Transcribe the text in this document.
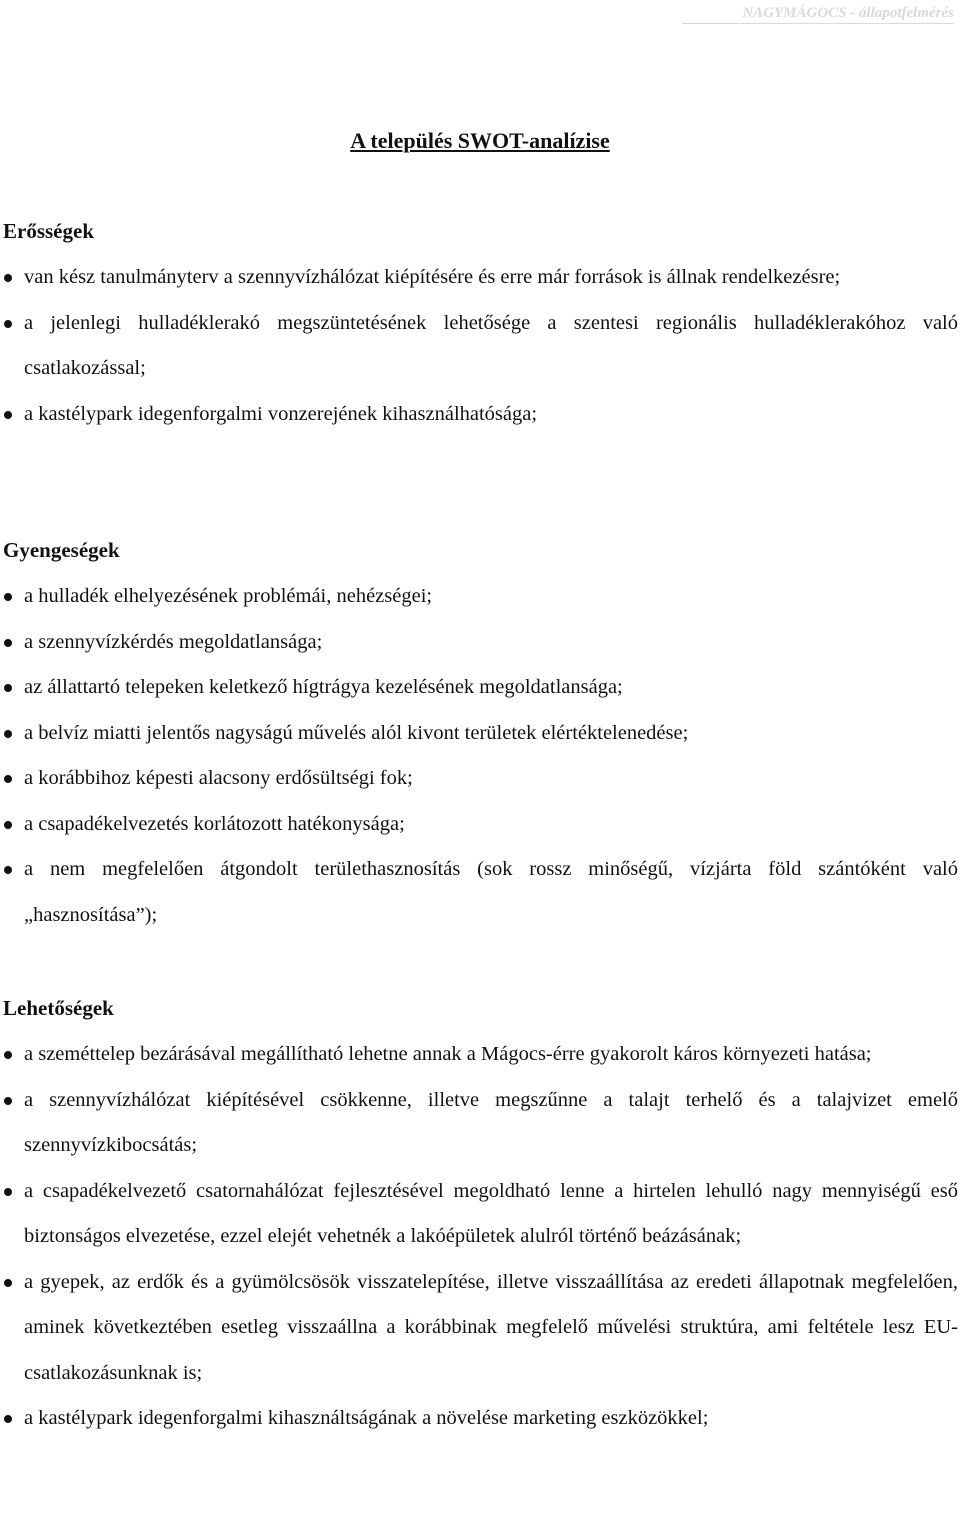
NAGYMÁGOCS - állapotfelmérés
A település SWOT-analízise
Erősségek
van kész tanulmányterv a szennyvízhálózat kiépítésére és erre már források is állnak rendelkezésre;
a jelenlegi hulladéklerakó megszüntetésének lehetősége a szentesi regionális hulladéklerakóhoz való csatlakozással;
a kastélypark idegenforgalmi vonzerejének kihasználhatósága;
Gyengeségek
a hulladék elhelyezésének problémái, nehézségei;
a szennyvízkérdés megoldatlansága;
az állattartó telepeken keletkező hígtrágya kezelésének megoldatlansága;
a belvíz miatti jelentős nagyságú művelés alól kivont területek elértéktelenedése;
a korábbihoz képesti alacsony erdősültségi fok;
a csapadékelvezetés korlátozott hatékonysága;
a nem megfelelően átgondolt területhasznosítás (sok rossz minőségű, vízjárta föld szántóként való „hasznosítása”);
Lehetőségek
a szeméttelep bezárásával megállítható lehetne annak a Mágocs-érre gyakorolt káros környezeti hatása;
a szennyvízhálózat kiépítésével csökkenne, illetve megszűnne a talajt terhelő és a talajvizet emelő szennyvízkibocsátás;
a csapadékelvezető csatornahálózat fejlesztésével megoldható lenne a hirtelen lehulló nagy mennyiségű eső biztonságos elvezetése, ezzel elejét vehetnék a lakóépületek alulról történő beázásának;
a gyepek, az erdők és a gyümölcsösök visszatelepítése, illetve visszaállítása az eredeti állapotnak megfelelően, aminek következtében esetleg visszaállna a korábbinak megfelelő művelési struktúra, ami feltétele lesz EU-csatlakozásunknak is;
a kastélypark idegenforgalmi kihasználtságának a növelése marketing eszközökkel;
